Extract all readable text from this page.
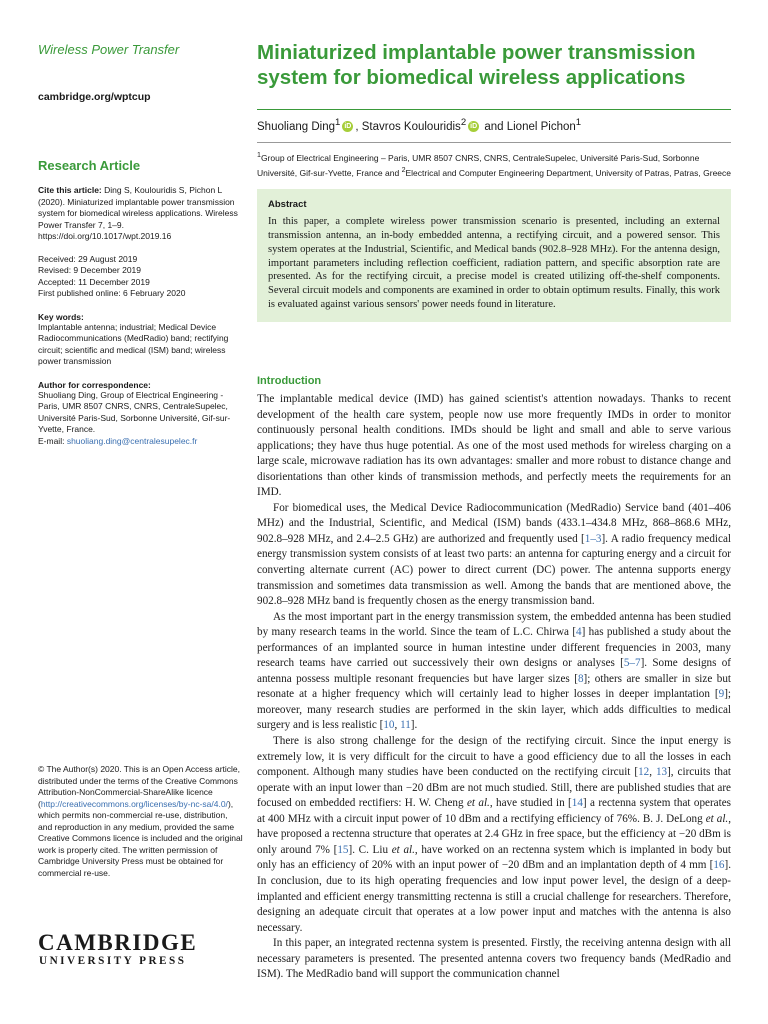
Wireless Power Transfer

cambridge.org/wptcup
Research Article
Cite this article: Ding S, Koulouridis S, Pichon L (2020). Miniaturized implantable power transmission system for biomedical wireless applications. Wireless Power Transfer 7, 1–9. https://doi.org/10.1017/wpt.2019.16
Received: 29 August 2019
Revised: 9 December 2019
Accepted: 11 December 2019
First published online: 6 February 2020
Key words:
Implantable antenna; industrial; Medical Device Radiocommunications (MedRadio) band; rectifying circuit; scientific and medical (ISM) band; wireless power transmission
Author for correspondence:
Shuoliang Ding, Group of Electrical Engineering - Paris, UMR 8507 CNRS, CNRS, CentraleSupelec, Université Paris-Sud, Sorbonne Université, Gif-sur-Yvette, France.
E-mail: shuoliang.ding@centralesupelec.fr
© The Author(s) 2020. This is an Open Access article, distributed under the terms of the Creative Commons Attribution-NonCommercial-ShareAlike licence (http://creativecommons.org/licenses/by-nc-sa/4.0/), which permits non-commercial re-use, distribution, and reproduction in any medium, provided the same Creative Commons licence is included and the original work is properly cited. The written permission of Cambridge University Press must be obtained for commercial re-use.
CAMBRIDGE
UNIVERSITY PRESS
Miniaturized implantable power transmission system for biomedical wireless applications
Shuoliang Ding$^1$ iD , Stavros Koulouridis$^2$ iD and Lionel Pichon$^1$
$^1$Group of Electrical Engineering – Paris, UMR 8507 CNRS, CNRS, CentraleSupelec, Université Paris-Sud, Sorbonne Université, Gif-sur-Yvette, France and $^2$Electrical and Computer Engineering Department, University of Patras, Patras, Greece
Abstract

In this paper, a complete wireless power transmission scenario is presented, including an external transmission antenna, an in-body embedded antenna, a rectifying circuit, and a powered sensor. This system operates at the Industrial, Scientific, and Medical bands (902.8–928 MHz). For the antenna design, important parameters including reflection coefficient, radiation pattern, and specific absorption rate are presented. As for the rectifying circuit, a precise model is created utilizing off-the-shelf components. Several circuit models and components are examined in order to obtain optimum results. Finally, this work is evaluated against various sensors' power needs found in literature.

Introduction

The implantable medical device (IMD) has gained scientist's attention nowadays. Thanks to recent development of the health care system, people now use more frequently IMDs in order to monitor continuously personal health conditions. IMDs should be light and small and able to serve various applications; they have thus huge potential. As one of the most used methods for wireless charging on a large scale, microwave radiation has its own advantages: smaller and more robust to distance change and disorientations than other kinds of transmission methods, and perfectly meets the requirements for an IMD.

For biomedical uses, the Medical Device Radiocommunication (MedRadio) Service band (401–406 MHz) and the Industrial, Scientific, and Medical (ISM) bands (433.1–434.8 MHz, 868–868.6 MHz, 902.8–928 MHz, and 2.4–2.5 GHz) are authorized and frequently used [1–3]. A radio frequency medical energy transmission system consists of at least two parts: an antenna for capturing energy and a circuit for converting alternate current (AC) power to direct current (DC) power. The antenna supports energy transmission and sometimes data transmission as well. Among the bands that are mentioned above, the 902.8–928 MHz band is frequently chosen as the energy transmission band.

As the most important part in the energy transmission system, the embedded antenna has been studied by many research teams in the world. Since the team of L.C. Chirwa [4] has published a study about the performances of an implanted source in human intestine under different frequencies in 2003, many research teams have carried out successively their own designs or analyses [5–7]. Some designs of antenna possess multiple resonant frequencies but have larger sizes [8]; others are smaller in size but resonate at a higher frequency which will certainly lead to higher losses in deeper implantation [9]; moreover, many research studies are performed in the skin layer, which adds difficulties to medical surgery and is less realistic [10, 11].

There is also strong challenge for the design of the rectifying circuit. Since the input energy is extremely low, it is very difficult for the circuit to have a good efficiency due to all the losses in each component. Although many studies have been conducted on the rectifying circuit [12, 13], circuits that operate with an input lower than −20 dBm are not much studied. Still, there are published studies that are focused on embedded rectifiers: H. W. Cheng et al., have studied in [14] a rectenna system that operates at 400 MHz with a circuit input power of 10 dBm and a rectifying efficiency of 76%. B. J. DeLong et al., have proposed a rectenna structure that operates at 2.4 GHz in free space, but the efficiency at −20 dBm is only around 7% [15]. C. Liu et al., have worked on an rectenna system which is implanted in body but only has an efficiency of 20% with an input power of −20 dBm and an implantation depth of 4 mm [16]. In conclusion, due to its high operating frequencies and low input power level, the design of a deep-implanted and efficient energy transmitting rectenna is still a crucial challenge for researchers. Therefore, designing an adequate circuit that operates at a low power input and matches with the antenna is also necessary.

In this paper, an integrated rectenna system is presented. Firstly, the receiving antenna design with all necessary parameters is presented. The presented antenna covers two frequency bands (MedRadio and ISM). The MedRadio band will support the communication channel
